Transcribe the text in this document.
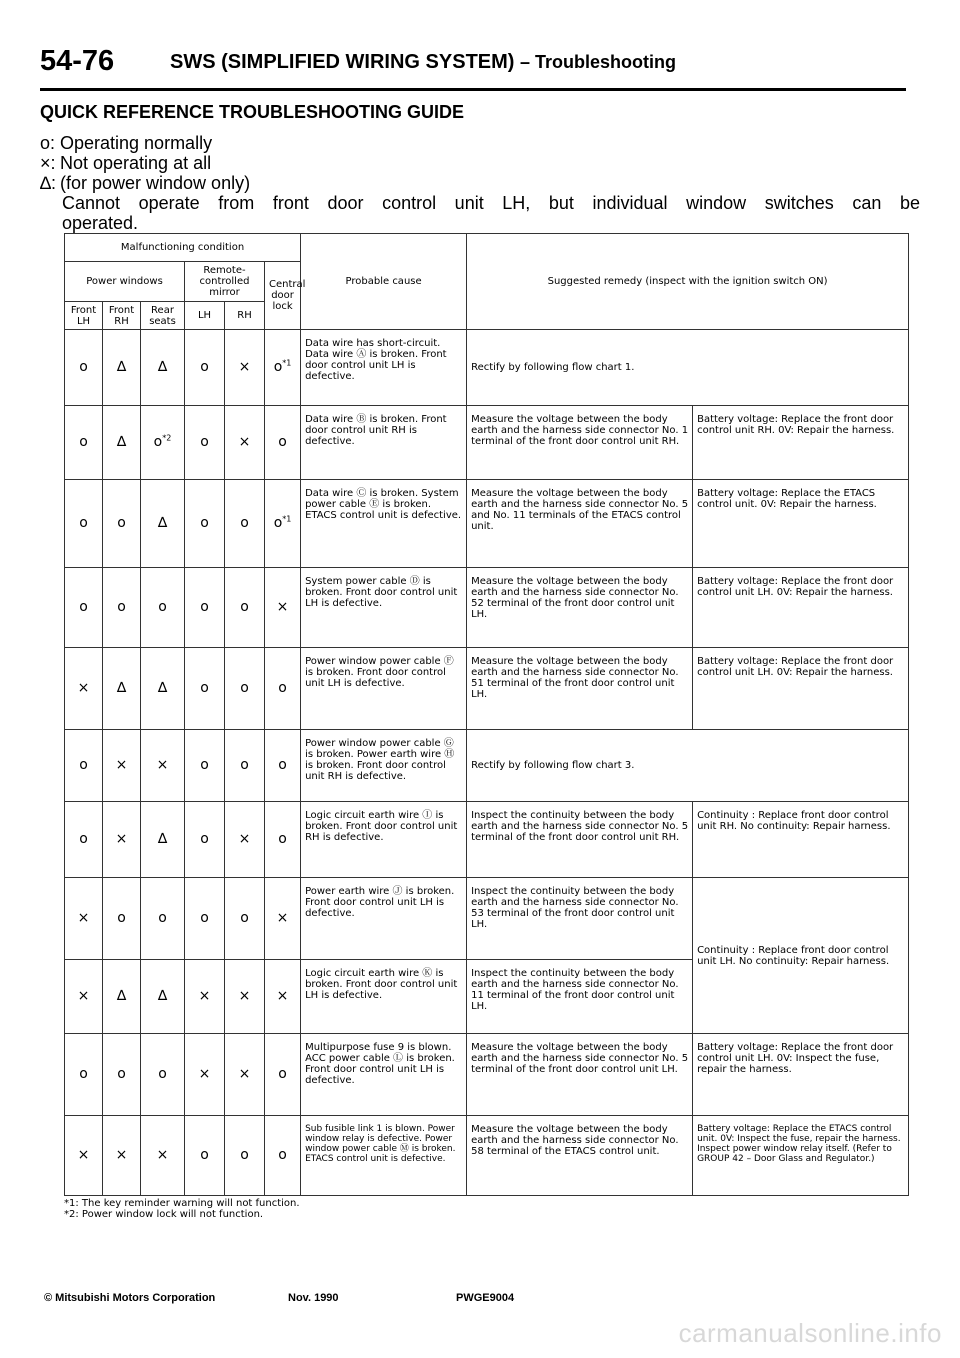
54-76	SWS (SIMPLIFIED WIRING SYSTEM) – Troubleshooting
QUICK REFERENCE TROUBLESHOOTING GUIDE
o: Operating normally
×: Not operating at all
∆: (for power window only)
Cannot operate from front door control unit LH, but individual window switches can be
operated.
Malfunctioning condition						Probable cause	Suggested remedy (inspect with the ignition switch ON)	
Power windows			Remote-controlled mirror		Central door lock			
Front LH	Front RH	Rear seats	LH	RH				
o	∆	∆	o	×	$o^{*1}$	Data wire has short-circuit. Data wire Ⓐ is broken. Front door control unit LH is defective.	Rectify by following flow chart 1.	
o	∆	$o^{*2}$	o	×	o	Data wire Ⓑ is broken. Front door control unit RH is defective.	Measure the voltage between the body earth and the harness side connector No. 1 terminal of the front door control unit RH.	Battery voltage: Replace the front door control unit RH. 0V: Repair the harness.
o	o	∆	o	o	$o^{*1}$	Data wire Ⓒ is broken. System power cable Ⓔ is broken. ETACS control unit is defective.	Measure the voltage between the body earth and the harness side connector No. 5 and No. 11 terminals of the ETACS control unit.	Battery voltage: Replace the ETACS control unit. 0V: Repair the harness.
o	o	o	o	o	×	System power cable Ⓓ is broken. Front door control unit LH is defective.	Measure the voltage between the body earth and the harness side connector No. 52 terminal of the front door control unit LH.	Battery voltage: Replace the front door control unit LH. 0V: Repair the harness.
×	∆	∆	o	o	o	Power window power cable Ⓕ is broken. Front door control unit LH is defective.	Measure the voltage between the body earth and the harness side connector No. 51 terminal of the front door control unit LH.	Battery voltage: Replace the front door control unit LH. 0V: Repair the harness.
o	×	×	o	o	o	Power window power cable Ⓖ is broken. Power earth wire Ⓗ is broken. Front door control unit RH is defective.	Rectify by following flow chart 3.	
o	×	∆	o	×	o	Logic circuit earth wire Ⓘ is broken. Front door control unit RH is defective.	Inspect the continuity between the body earth and the harness side connector No. 5 terminal of the front door control unit RH.	Continuity : Replace front door control unit RH. No continuity: Repair harness.
×	o	o	o	o	×	Power earth wire Ⓙ is broken. Front door control unit LH is defective.	Inspect the continuity between the body earth and the harness side connector No. 53 terminal of the front door control unit LH.	Continuity : Replace front door control unit LH. No continuity: Repair harness.
×	∆	∆	×	×	×	Logic circuit earth wire Ⓚ is broken. Front door control unit LH is defective.	Inspect the continuity between the body earth and the harness side connector No. 11 terminal of the front door control unit LH.	
o	o	o	×	×	o	Multipurpose fuse 9 is blown. ACC power cable Ⓛ is broken. Front door control unit LH is defective.	Measure the voltage between the body earth and the harness side connector No. 5 terminal of the front door control unit LH.	Battery voltage: Replace the front door control unit LH. 0V: Inspect the fuse, repair the harness.
×	×	×	o	o	o	Sub fusible link 1 is blown. Power window relay is defective. Power window power cable Ⓜ is broken. ETACS control unit is defective.	Measure the voltage between the body earth and the harness side connector No. 58 terminal of the ETACS control unit.	Battery voltage: Replace the ETACS control unit. 0V: Inspect the fuse, repair the harness. Inspect power window relay itself. (Refer to GROUP 42 – Door Glass and Regulator.)
*1: The key reminder warning will not function.
*2: Power window lock will not function.
© Mitsubishi Motors Corporation	Nov. 1990	PWGE9004
carmanualsonline.info
